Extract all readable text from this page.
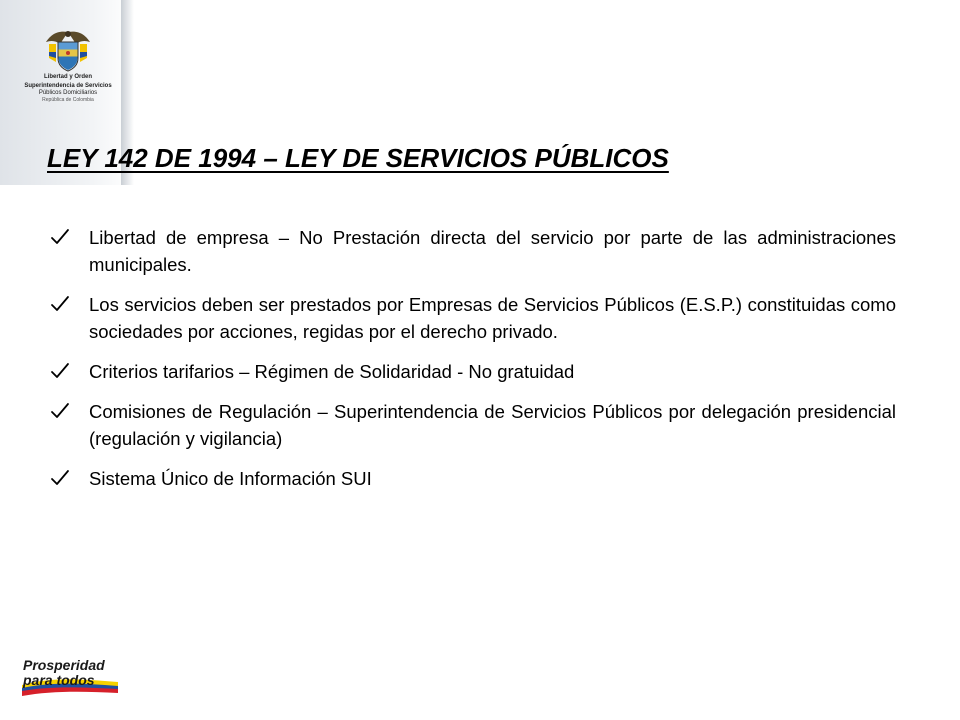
Libertad y Orden
Superintendencia de Servicios
Públicos Domiciliarios
República de Colombia
LEY 142 DE 1994 – LEY DE SERVICIOS PÚBLICOS
Libertad de empresa – No Prestación directa del servicio por parte de las administraciones municipales.
Los servicios deben ser prestados por Empresas de Servicios Públicos (E.S.P.) constituidas como sociedades por acciones, regidas por el derecho privado.
Criterios tarifarios – Régimen de Solidaridad - No gratuidad
Comisiones de Regulación – Superintendencia de Servicios Públicos por delegación presidencial (regulación y vigilancia)
Sistema Único de Información SUI
Prosperidad
para todos
